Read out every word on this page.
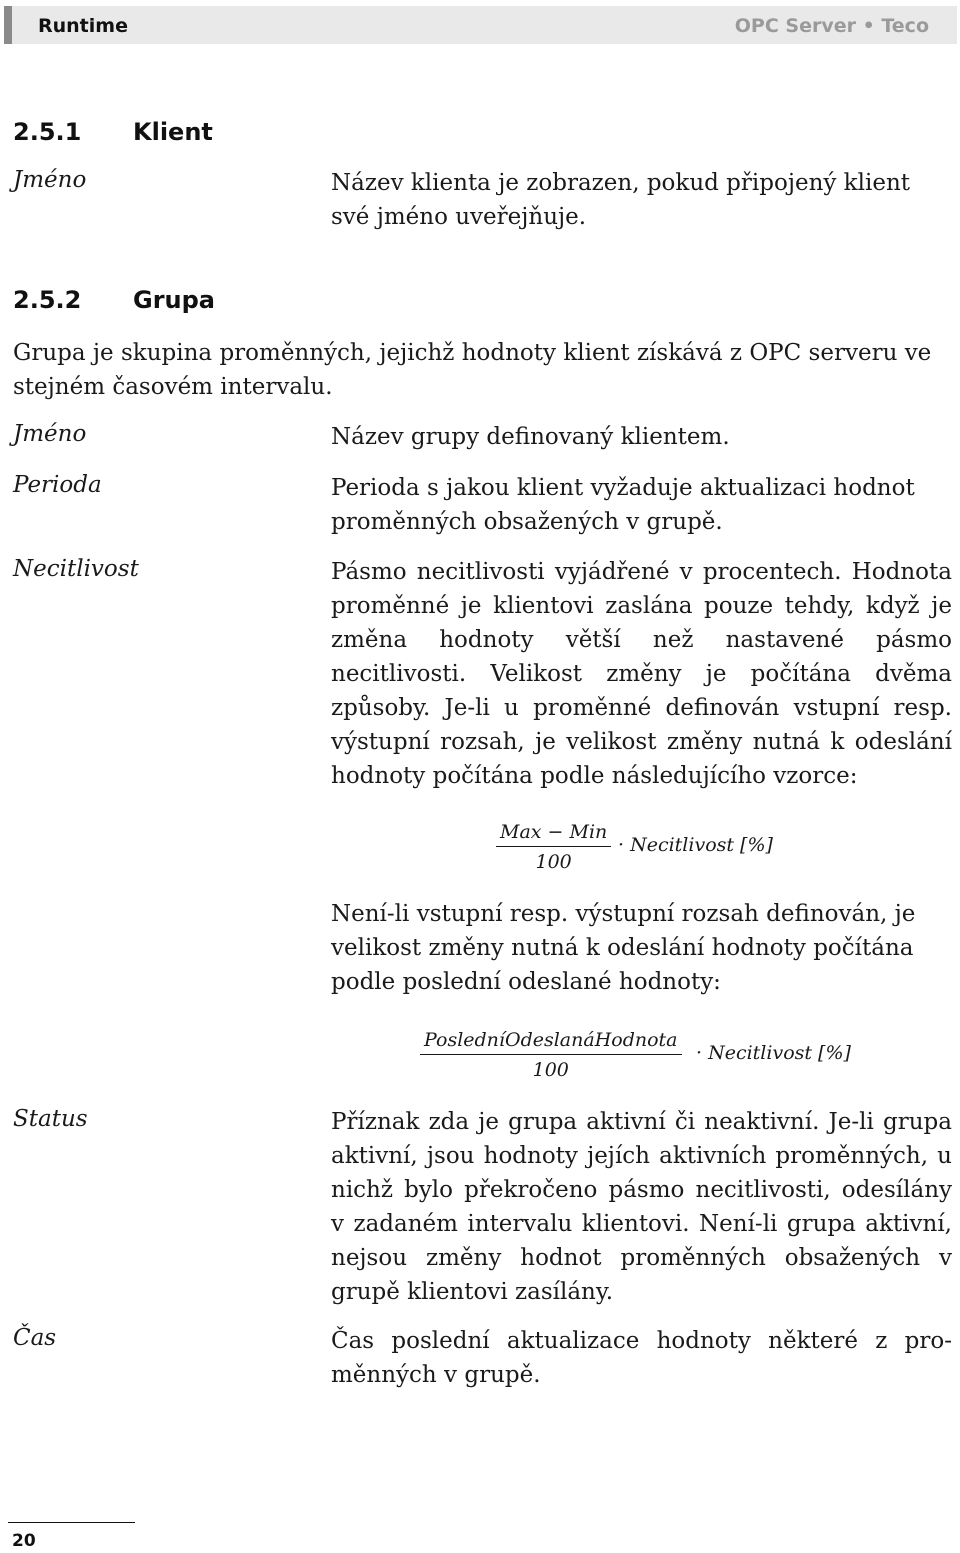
Runtime	OPC Server • Teco
2.5.1 Klient
Jméno	Název klienta je zobrazen, pokud připojený klient své jméno uveřejňuje.
2.5.2 Grupa
Grupa je skupina proměnných, jejichž hodnoty klient získává z OPC serveru ve stejném časovém intervalu.
Jméno	Název grupy definovaný klientem.
Perioda	Perioda s jakou klient vyžaduje aktualizaci hodnot proměnných obsažených v grupě.
Necitlivost	Pásmo necitlivosti vyjádřené v procentech. Hodnota proměnné je klientovi zaslána pouze tehdy, když je změna hodnoty větší než nastavené pásmo necitlivosti. Velikost změny je počítána dvěma způsoby. Je-li u proměnné definován vstupní resp. výstupní rozsah, je velikost změny nutná k odeslání hodnoty počítána podle následujícího vzorce:
Max − Min
100
· Necitlivost [%]
Není-li vstupní resp. výstupní rozsah definován, je velikost změny nutná k odeslání hodnoty počítána podle poslední odeslané hodnoty:
PosledníOdeslanáHodnota
100
· Necitlivost [%]
Status	Příznak zda je grupa aktivní či neaktivní. Je-li grupa aktivní, jsou hodnoty jejích aktivních proměnných, u nichž bylo překročeno pásmo necitlivosti, odesílány v zadaném intervalu klientovi. Není-li grupa aktivní, nejsou změny hodnot proměnných obsažených v grupě klientovi zasílány.
Čas	Čas poslední aktualizace hodnoty některé z proměnných v grupě.
20
